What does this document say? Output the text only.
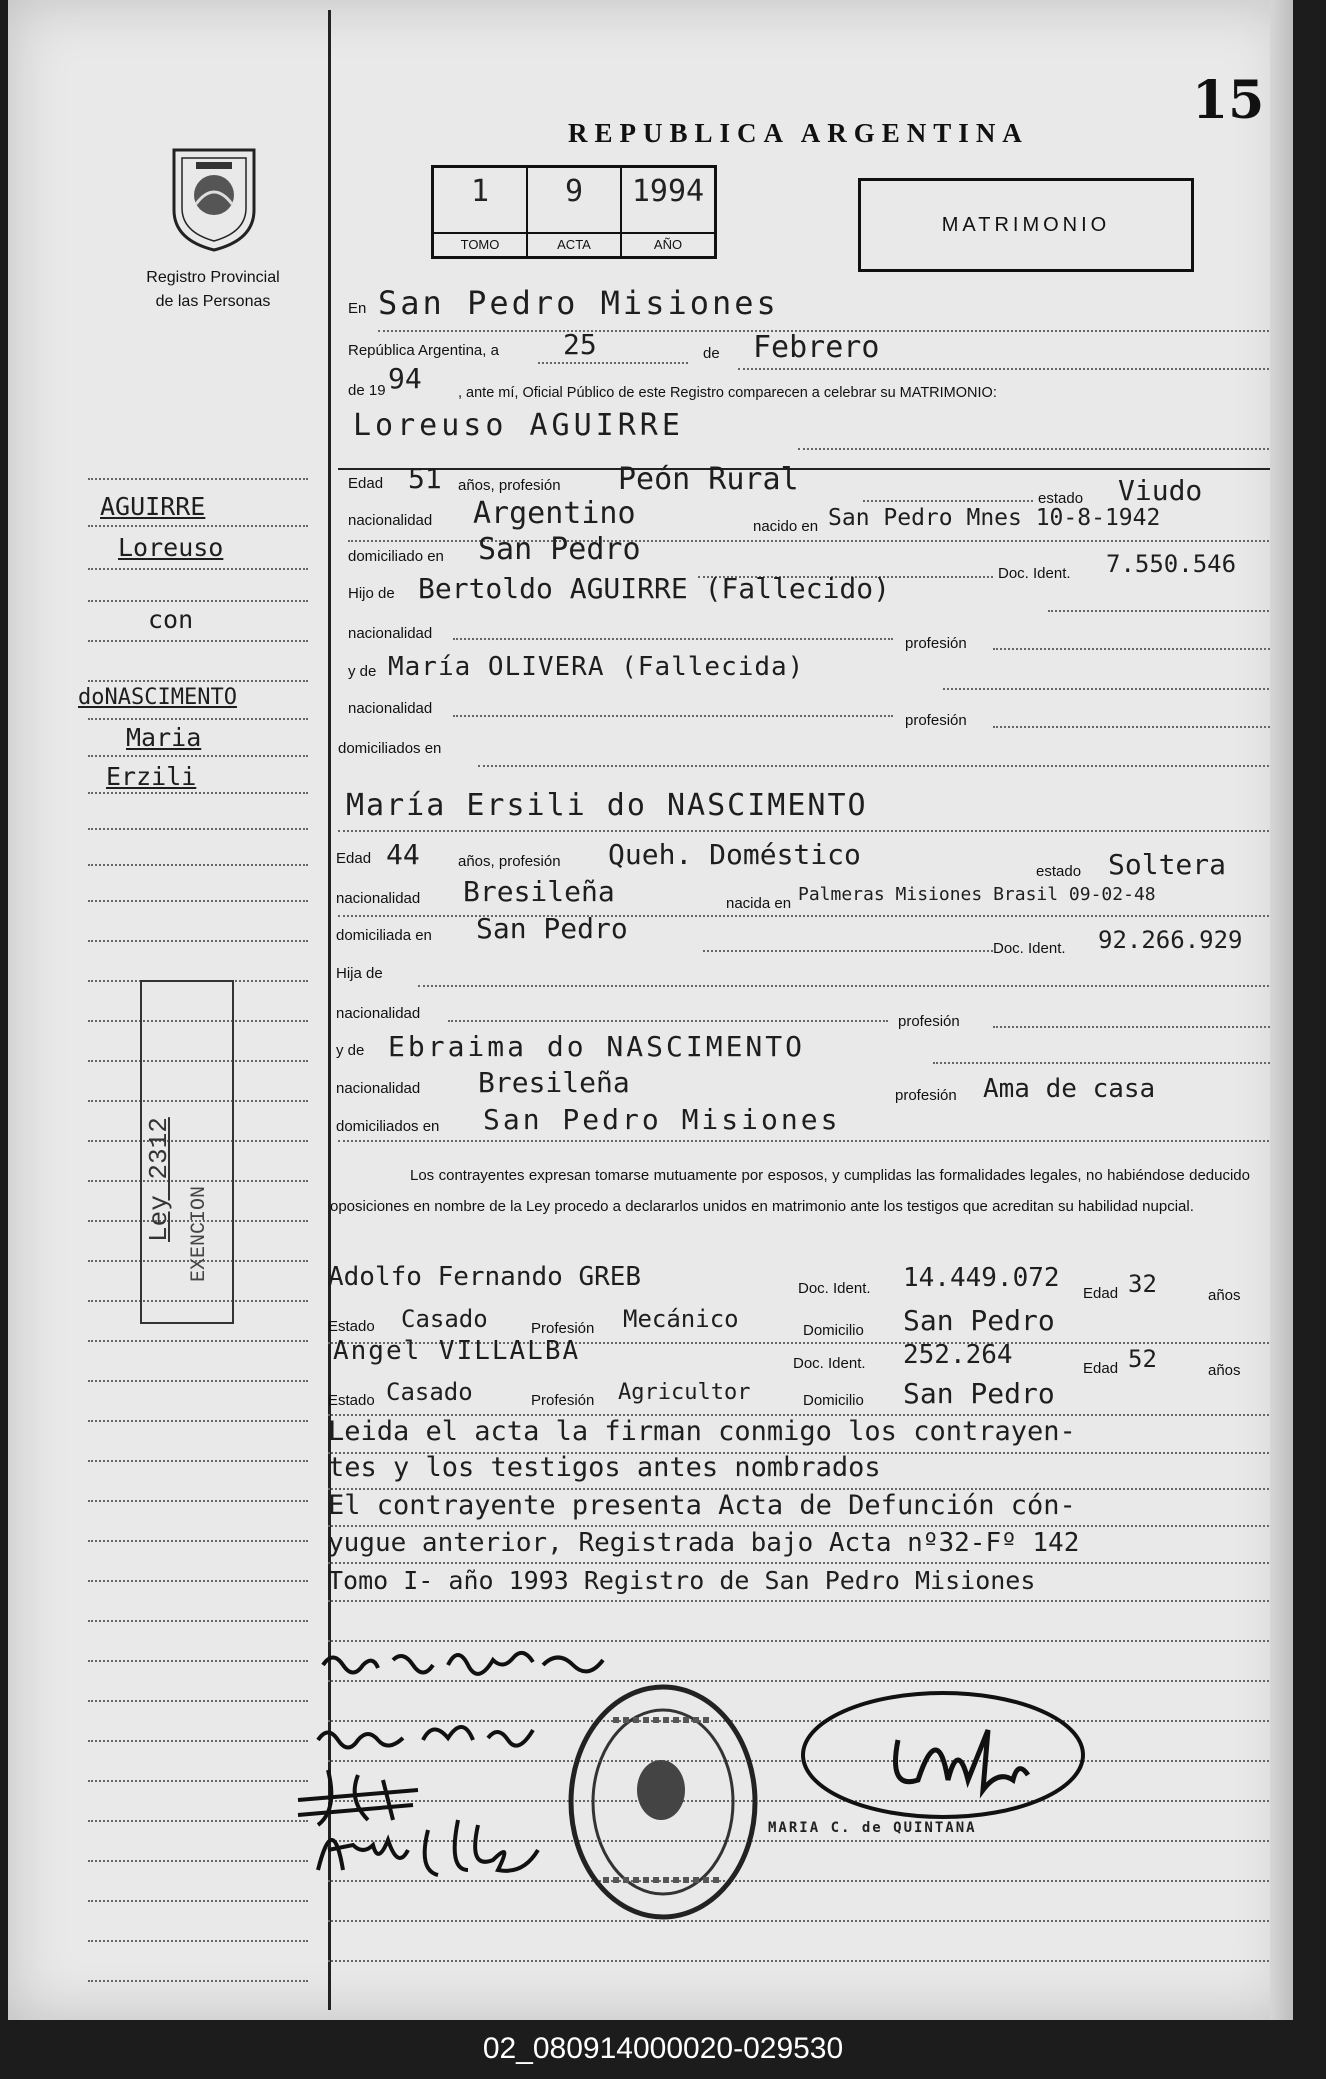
15
REPUBLICA ARGENTINA
Registro Provincial
de las Personas
1
TOMO
9
ACTA
1994
AÑO
MATRIMONIO
AGUIRRE
Loreuso
con
doNASCIMENTO
Maria
Erzili
Ley 2312 EXENCION
En San Pedro Misiones
República Argentina, a 25	de Febrero
de 19 94	, ante mí, Oficial Público de este Registro comparecen a celebrar su MATRIMONIO:
Loreuso AGUIRRE
Edad 51 años, profesión Peón Rural
estado Viudo
nacionalidad Argentino	nacido en San Pedro Mnes 10-8-1942
domiciliado en San Pedro
Doc. Ident. 7.550.546
Hijo de Bertoldo AGUIRRE (Fallecido)
nacionalidad
profesión
y de María OLIVERA (Fallecida)
nacionalidad
profesión
domiciliados en
María Ersili do NASCIMENTO
Edad 44	años, profesión Queh. Doméstico
estado Soltera
nacionalidad Bresileña	nacida en Palmeras Misiones Brasil 09-02-48
domiciliada en San Pedro
Doc. Ident. 92.266.929
Hija de
nacionalidad	profesión
y de Ebraima do NASCIMENTO
nacionalidad Bresileña	profesión Ama de casa
domiciliados en San Pedro Misiones
Los contrayentes expresan tomarse mutuamente por esposos, y cumplidas las formalidades legales, no habiéndose deducido oposiciones en nombre de la Ley procedo a declararlos unidos en matrimonio ante los testigos que acreditan su habilidad nupcial.
Adolfo Fernando GREB	Doc. Ident. 14.449.072
Edad 32	años
Estado Casado	Profesión Mecánico	Domicilio San Pedro
Angel VILLALBA	Doc. Ident. 252.264	Edad 52	años
Estado Casado	Profesión Agricultor	Domicilio San Pedro
Leida el acta la firman conmigo los contrayen-
tes y los testigos antes nombrados
El contrayente presenta Acta de Defunción cón-
yugue anterior, Registrada bajo Acta nº32-Fº 142
Tomo I- año 1993 Registro de San Pedro Misiones
MARIA C. de QUINTANA
02_080914000020-029530
